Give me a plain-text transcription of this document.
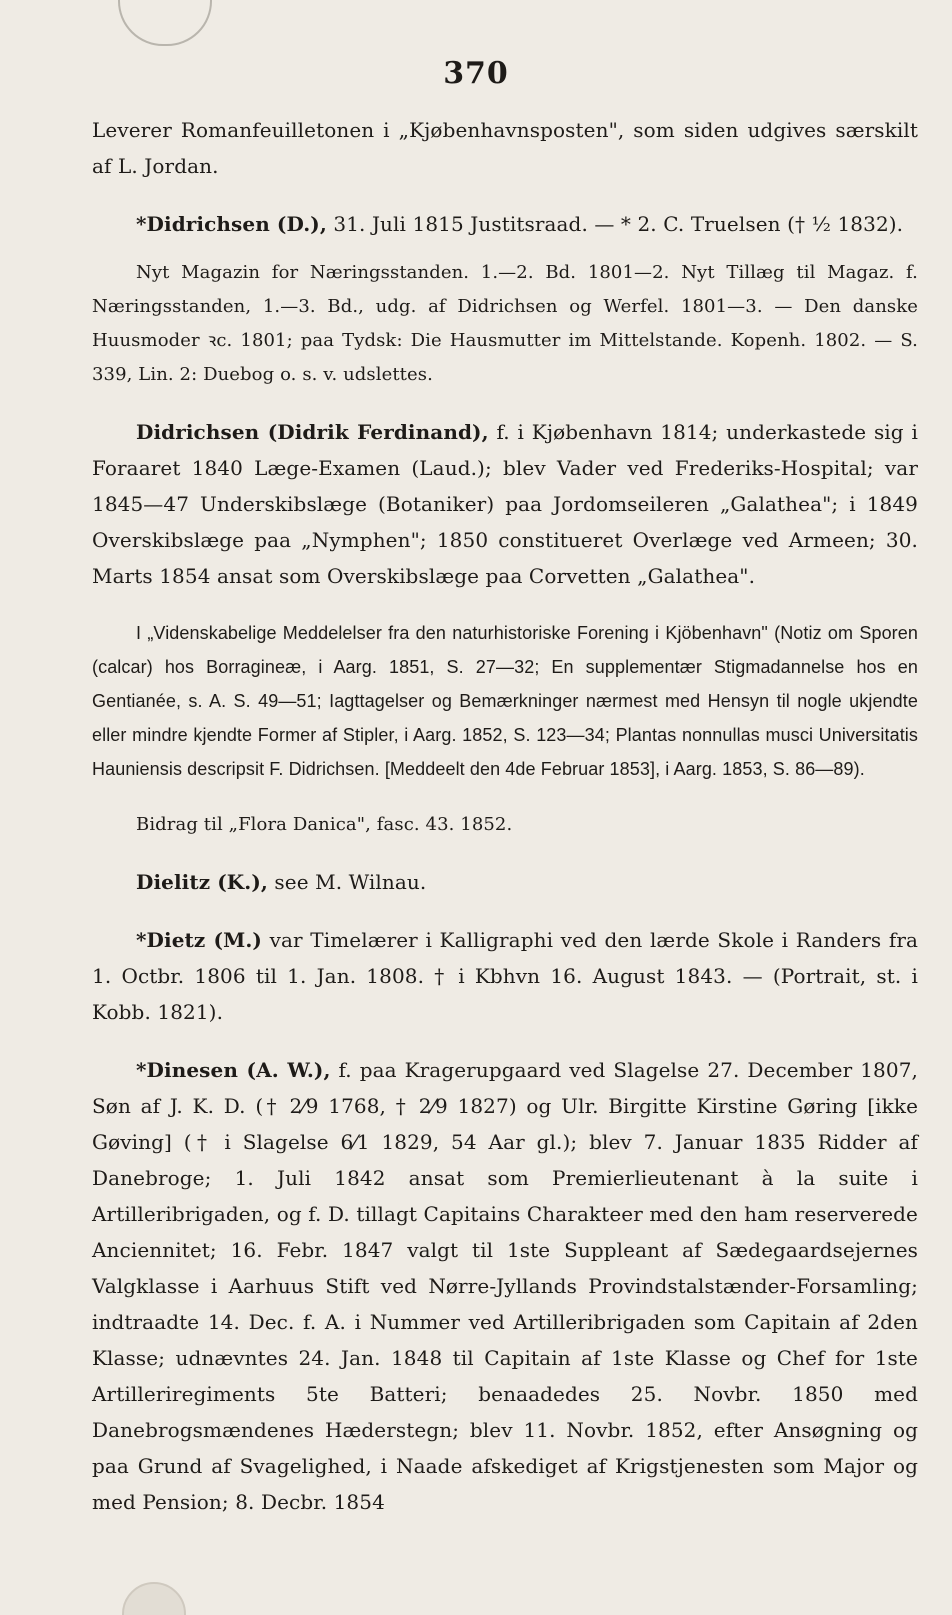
370

Leverer Romanfeuilletonen i „Kjøbenhavnsposten", som siden udgives særskilt af L. Jordan.

*Didrichsen (D.), 31. Juli 1815 Justitsraad. — * 2. C. Truelsen († ½ 1832).

Nyt Magazin for Næringsstanden. 1.—2. Bd. 1801—2. Nyt Tillæg til Magaz. f. Næringsstanden, 1.—3. Bd., udg. af Didrichsen og Werfel. 1801—3. — Den danske Huusmoder ꝛc. 1801; paa Tydsk: Die Hausmutter im Mittelstande. Kopenh. 1802. — S. 339, Lin. 2: Duebog o. s. v. udslettes.

Didrichsen (Didrik Ferdinand), f. i Kjøbenhavn 1814; underkastede sig i Foraaret 1840 Læge-Examen (Laud.); blev Vader ved Frederiks-Hospital; var 1845—47 Underskibslæge (Botaniker) paa Jordomseileren „Galathea"; i 1849 Overskibslæge paa „Nymphen"; 1850 constitueret Overlæge ved Armeen; 30. Marts 1854 ansat som Overskibslæge paa Corvetten „Galathea".

I „Videnskabelige Meddelelser fra den naturhistoriske Forening i Kjöbenhavn" (Notiz om Sporen (calcar) hos Borragineæ, i Aarg. 1851, S. 27—32; En supplementær Stigmadannelse hos en Gentianée, s. A. S. 49—51; Iagttagelser og Bemærkninger nærmest med Hensyn til nogle ukjendte eller mindre kjendte Former af Stipler, i Aarg. 1852, S. 123—34; Plantas nonnullas musci Universitatis Hauniensis descripsit F. Didrichsen. [Meddeelt den 4de Februar 1853], i Aarg. 1853, S. 86—89).

Bidrag til „Flora Danica", fasc. 43. 1852.

Dielitz (K.), see M. Wilnau.

*Dietz (M.) var Timelærer i Kalligraphi ved den lærde Skole i Randers fra 1. Octbr. 1806 til 1. Jan. 1808. † i Kbhvn 16. August 1843. — (Portrait, st. i Kobb. 1821).

*Dinesen (A. W.), f. paa Kragerupgaard ved Slagelse 27. December 1807, Søn af J. K. D. († 2⁄9 1768, † 2⁄9 1827) og Ulr. Birgitte Kirstine Gøring [ikke Gøving] († i Slagelse 6⁄1 1829, 54 Aar gl.); blev 7. Januar 1835 Ridder af Danebroge; 1. Juli 1842 ansat som Premierlieutenant à la suite i Artilleribrigaden, og f. D. tillagt Capitains Charakteer med den ham reserverede Anciennitet; 16. Febr. 1847 valgt til 1ste Suppleant af Sædegaardsejernes Valgklasse i Aarhuus Stift ved Nørre-Jyllands Provindstalstænder-Forsamling; indtraadte 14. Dec. f. A. i Nummer ved Artilleribrigaden som Capitain af 2den Klasse; udnævntes 24. Jan. 1848 til Capitain af 1ste Klasse og Chef for 1ste Artilleriregiments 5te Batteri; benaadedes 25. Novbr. 1850 med Danebrogsmændenes Hæderstegn; blev 11. Novbr. 1852, efter Ansøgning og paa Grund af Svagelighed, i Naade afskediget af Krigstjenesten som Major og med Pension; 8. Decbr. 1854
